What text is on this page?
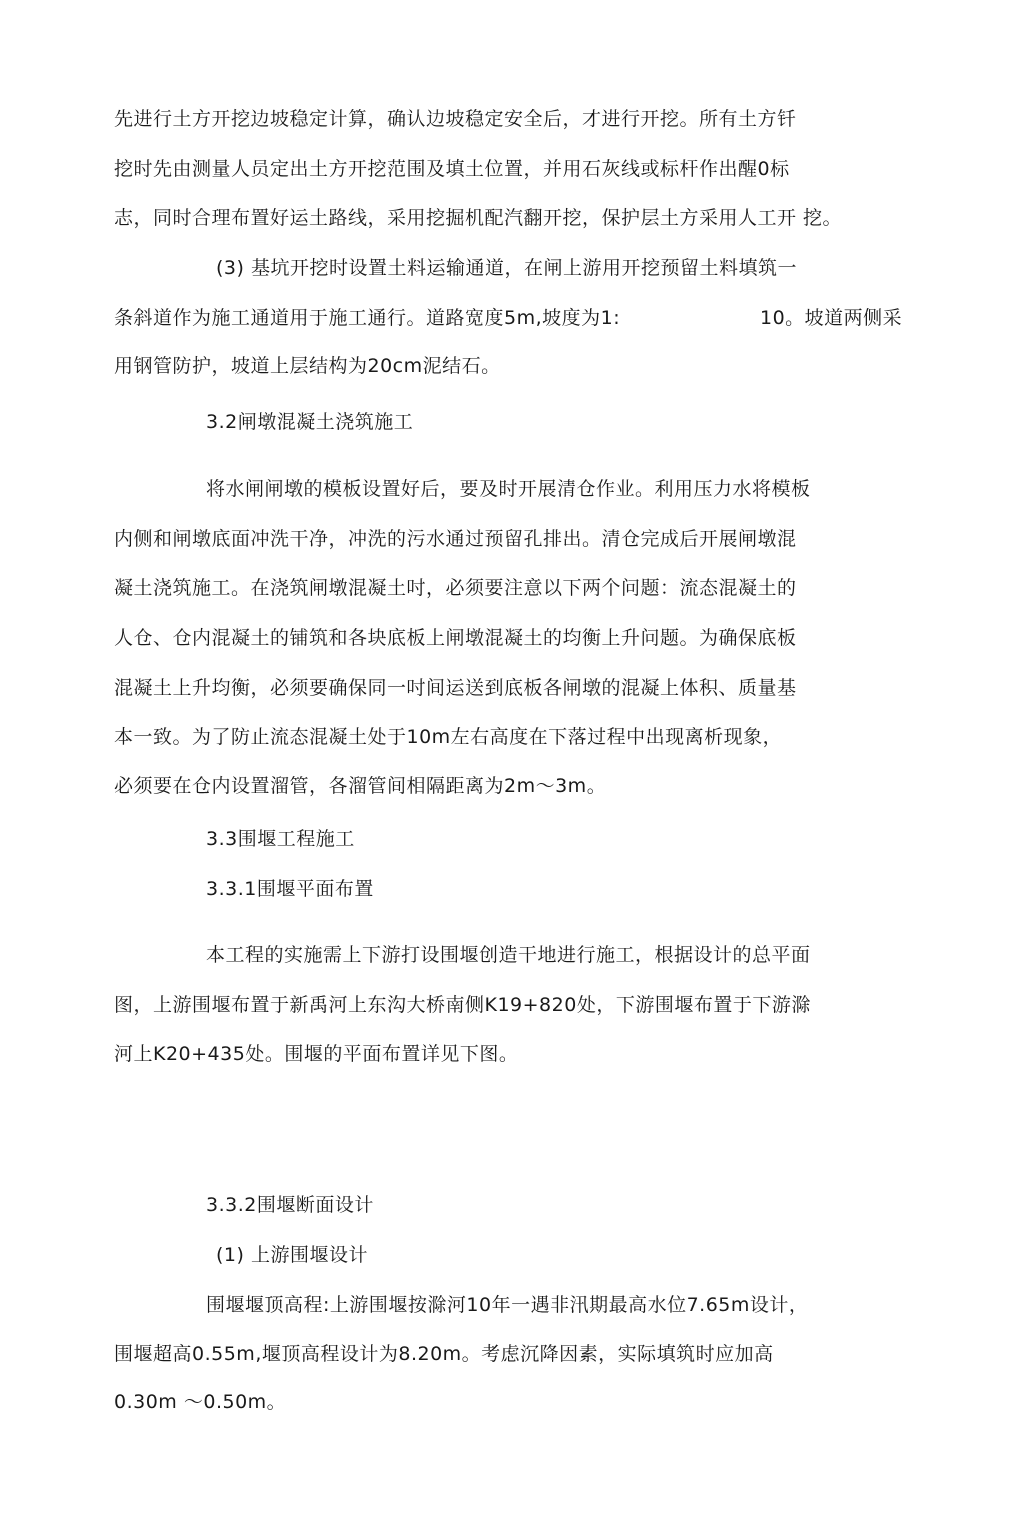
先进行土方开挖边坡稳定计算，确认边坡稳定安全后，才进行开挖。所有土方钎
挖时先由测量人员定出土方开挖范围及填土位置，并用石灰线或标杆作出醒0标
志，同时合理布置好运土路线，采用挖掘机配汽翻开挖，保护层土方采用人工开 挖。
(3) 基坑开挖时设置土料运输通道，在闸上游用开挖预留土料填筑一
条斜道作为施工通道用于施工通行。道路宽度5m,坡度为1:	10。坡道两侧采
用钢管防护，坡道上层结构为20cm泥结石。
3.2闸墩混凝土浇筑施工
将水闸闸墩的模板设置好后，要及时开展清仓作业。利用压力水将模板
内侧和闸墩底面冲洗干净，冲洗的污水通过预留孔排出。清仓完成后开展闸墩混
凝土浇筑施工。在浇筑闸墩混凝土吋，必须要注意以下两个问题：流态混凝土的
人仓、仓内混凝土的铺筑和各块底板上闸墩混凝土的均衡上升问题。为确保底板
混凝土上升均衡，必须要确保同一吋间运送到底板各闸墩的混凝上体积、质量基
本一致。为了防止流态混凝土处于10m左右高度在下落过程中出现离析现象，
必须要在仓内设置溜管，各溜管间相隔距离为2m～3m。
3.3围堰工程施工
3.3.1围堰平面布置
本工程的实施需上下游打设围堰创造干地进行施工，根据设计的总平面
图，上游围堰布置于新禹河上东沟大桥南侧K19+820处，下游围堰布置于下游滁
河上K20+435处。围堰的平面布置详见下图。
3.3.2围堰断面设计
(1) 上游围堰设计
围堰堰顶高程:上游围堰按滁河10年一遇非汛期最高水位7.65m设计，
围堰超高0.55m,堰顶高程设计为8.20m。考虑沉降因素，实际填筑时应加高
0.30m ～0.50m。
